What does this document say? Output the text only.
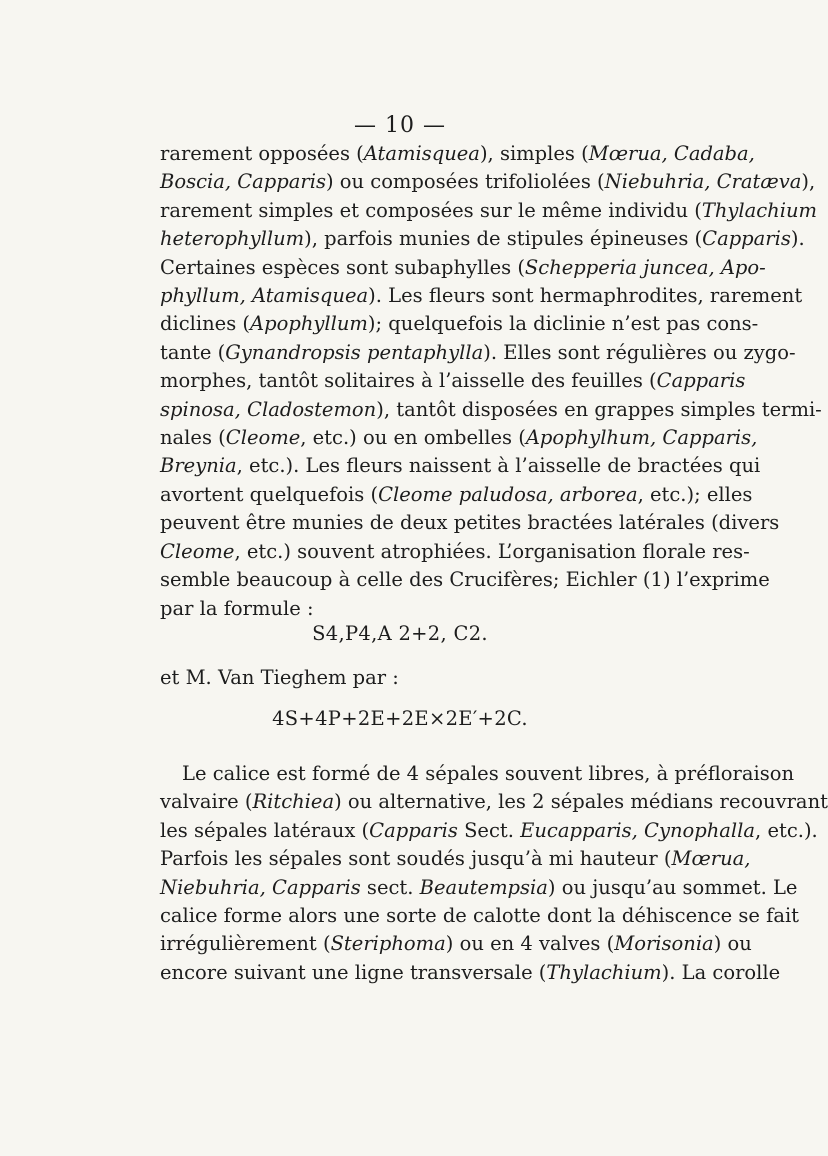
— 10 —
rarement opposées (Atamisquea), simples (Mœrua, Cadaba,
Boscia, Capparis) ou composées trifoliolées (Niebuhria, Cratæva),
rarement simples et composées sur le même individu (Thylachium
heterophyllum), parfois munies de stipules épineuses (Capparis).
Certaines espèces sont subaphylles (Schepperia juncea, Apo-
phyllum, Atamisquea). Les fleurs sont hermaphrodites, rarement
diclines (Apophyllum); quelquefois la diclinie n’est pas cons-
tante (Gynandropsis pentaphylla). Elles sont régulières ou zygo-
morphes, tantôt solitaires à l’aisselle des feuilles (Capparis
spinosa, Cladostemon), tantôt disposées en grappes simples termi-
nales (Cleome, etc.) ou en ombelles (Apophylhum, Capparis,
Breynia, etc.). Les fleurs naissent à l’aisselle de bractées qui
avortent quelquefois (Cleome paludosa, arborea, etc.); elles
peuvent être munies de deux petites bractées latérales (divers
Cleome, etc.) souvent atrophiées. L’organisation florale res-
semble beaucoup à celle des Crucifères; Eichler (1) l’exprime
par la formule :
S4,P4,A 2+2, C2.
et M. Van Tieghem par :
4S+4P+2E+2E×2E′+2C.
Le calice est formé de 4 sépales souvent libres, à préfloraison
valvaire (Ritchiea) ou alternative, les 2 sépales médians recouvrant
les sépales latéraux (Capparis Sect. Eucapparis, Cynophalla, etc.).
Parfois les sépales sont soudés jusqu’à mi hauteur (Mœrua,
Niebuhria, Capparis sect. Beautempsia) ou jusqu’au sommet. Le
calice forme alors une sorte de calotte dont la déhiscence se fait
irrégulièrement (Steriphoma) ou en 4 valves (Morisonia) ou
encore suivant une ligne transversale (Thylachium). La corolle
